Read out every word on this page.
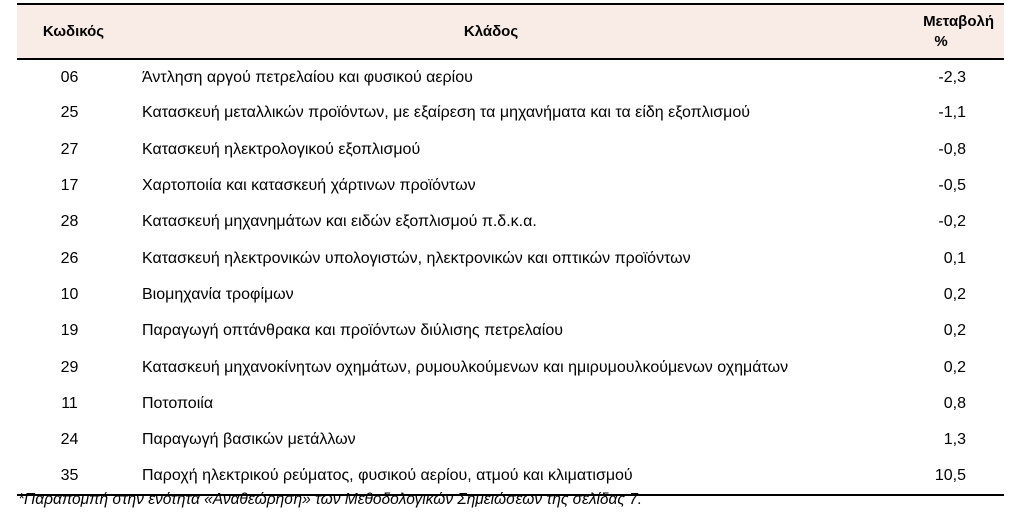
Κωδικός	Κλάδος	Μεταβολή
%

06	Άντληση αργού πετρελαίου και φυσικού αερίου	-2,3
25	Κατασκευή μεταλλικών προϊόντων, με εξαίρεση τα μηχανήματα και τα είδη εξοπλισμού	-1,1
27	Κατασκευή ηλεκτρολογικού εξοπλισμού	-0,8
17	Χαρτοποιία και κατασκευή χάρτινων προϊόντων	-0,5
28	Κατασκευή μηχανημάτων και ειδών εξοπλισμού π.δ.κ.α.	-0,2
26	Κατασκευή ηλεκτρονικών υπολογιστών, ηλεκτρονικών και οπτικών προϊόντων	0,1
10	Βιομηχανία τροφίμων	0,2
19	Παραγωγή οπτάνθρακα και προϊόντων διύλισης πετρελαίου	0,2
29	Κατασκευή μηχανοκίνητων οχημάτων, ρυμουλκούμενων και ημιρυμουλκούμενων οχημάτων	0,2
11	Ποτοποιία	0,8
24	Παραγωγή βασικών μετάλλων	1,3
35	Παροχή ηλεκτρικού ρεύματος, φυσικού αερίου, ατμού και κλιματισμού	10,5
*Παραπομπή στην ενότητα «Αναθεώρηση» των Μεθοδολογικών Σημειώσεων της σελίδας 7.
